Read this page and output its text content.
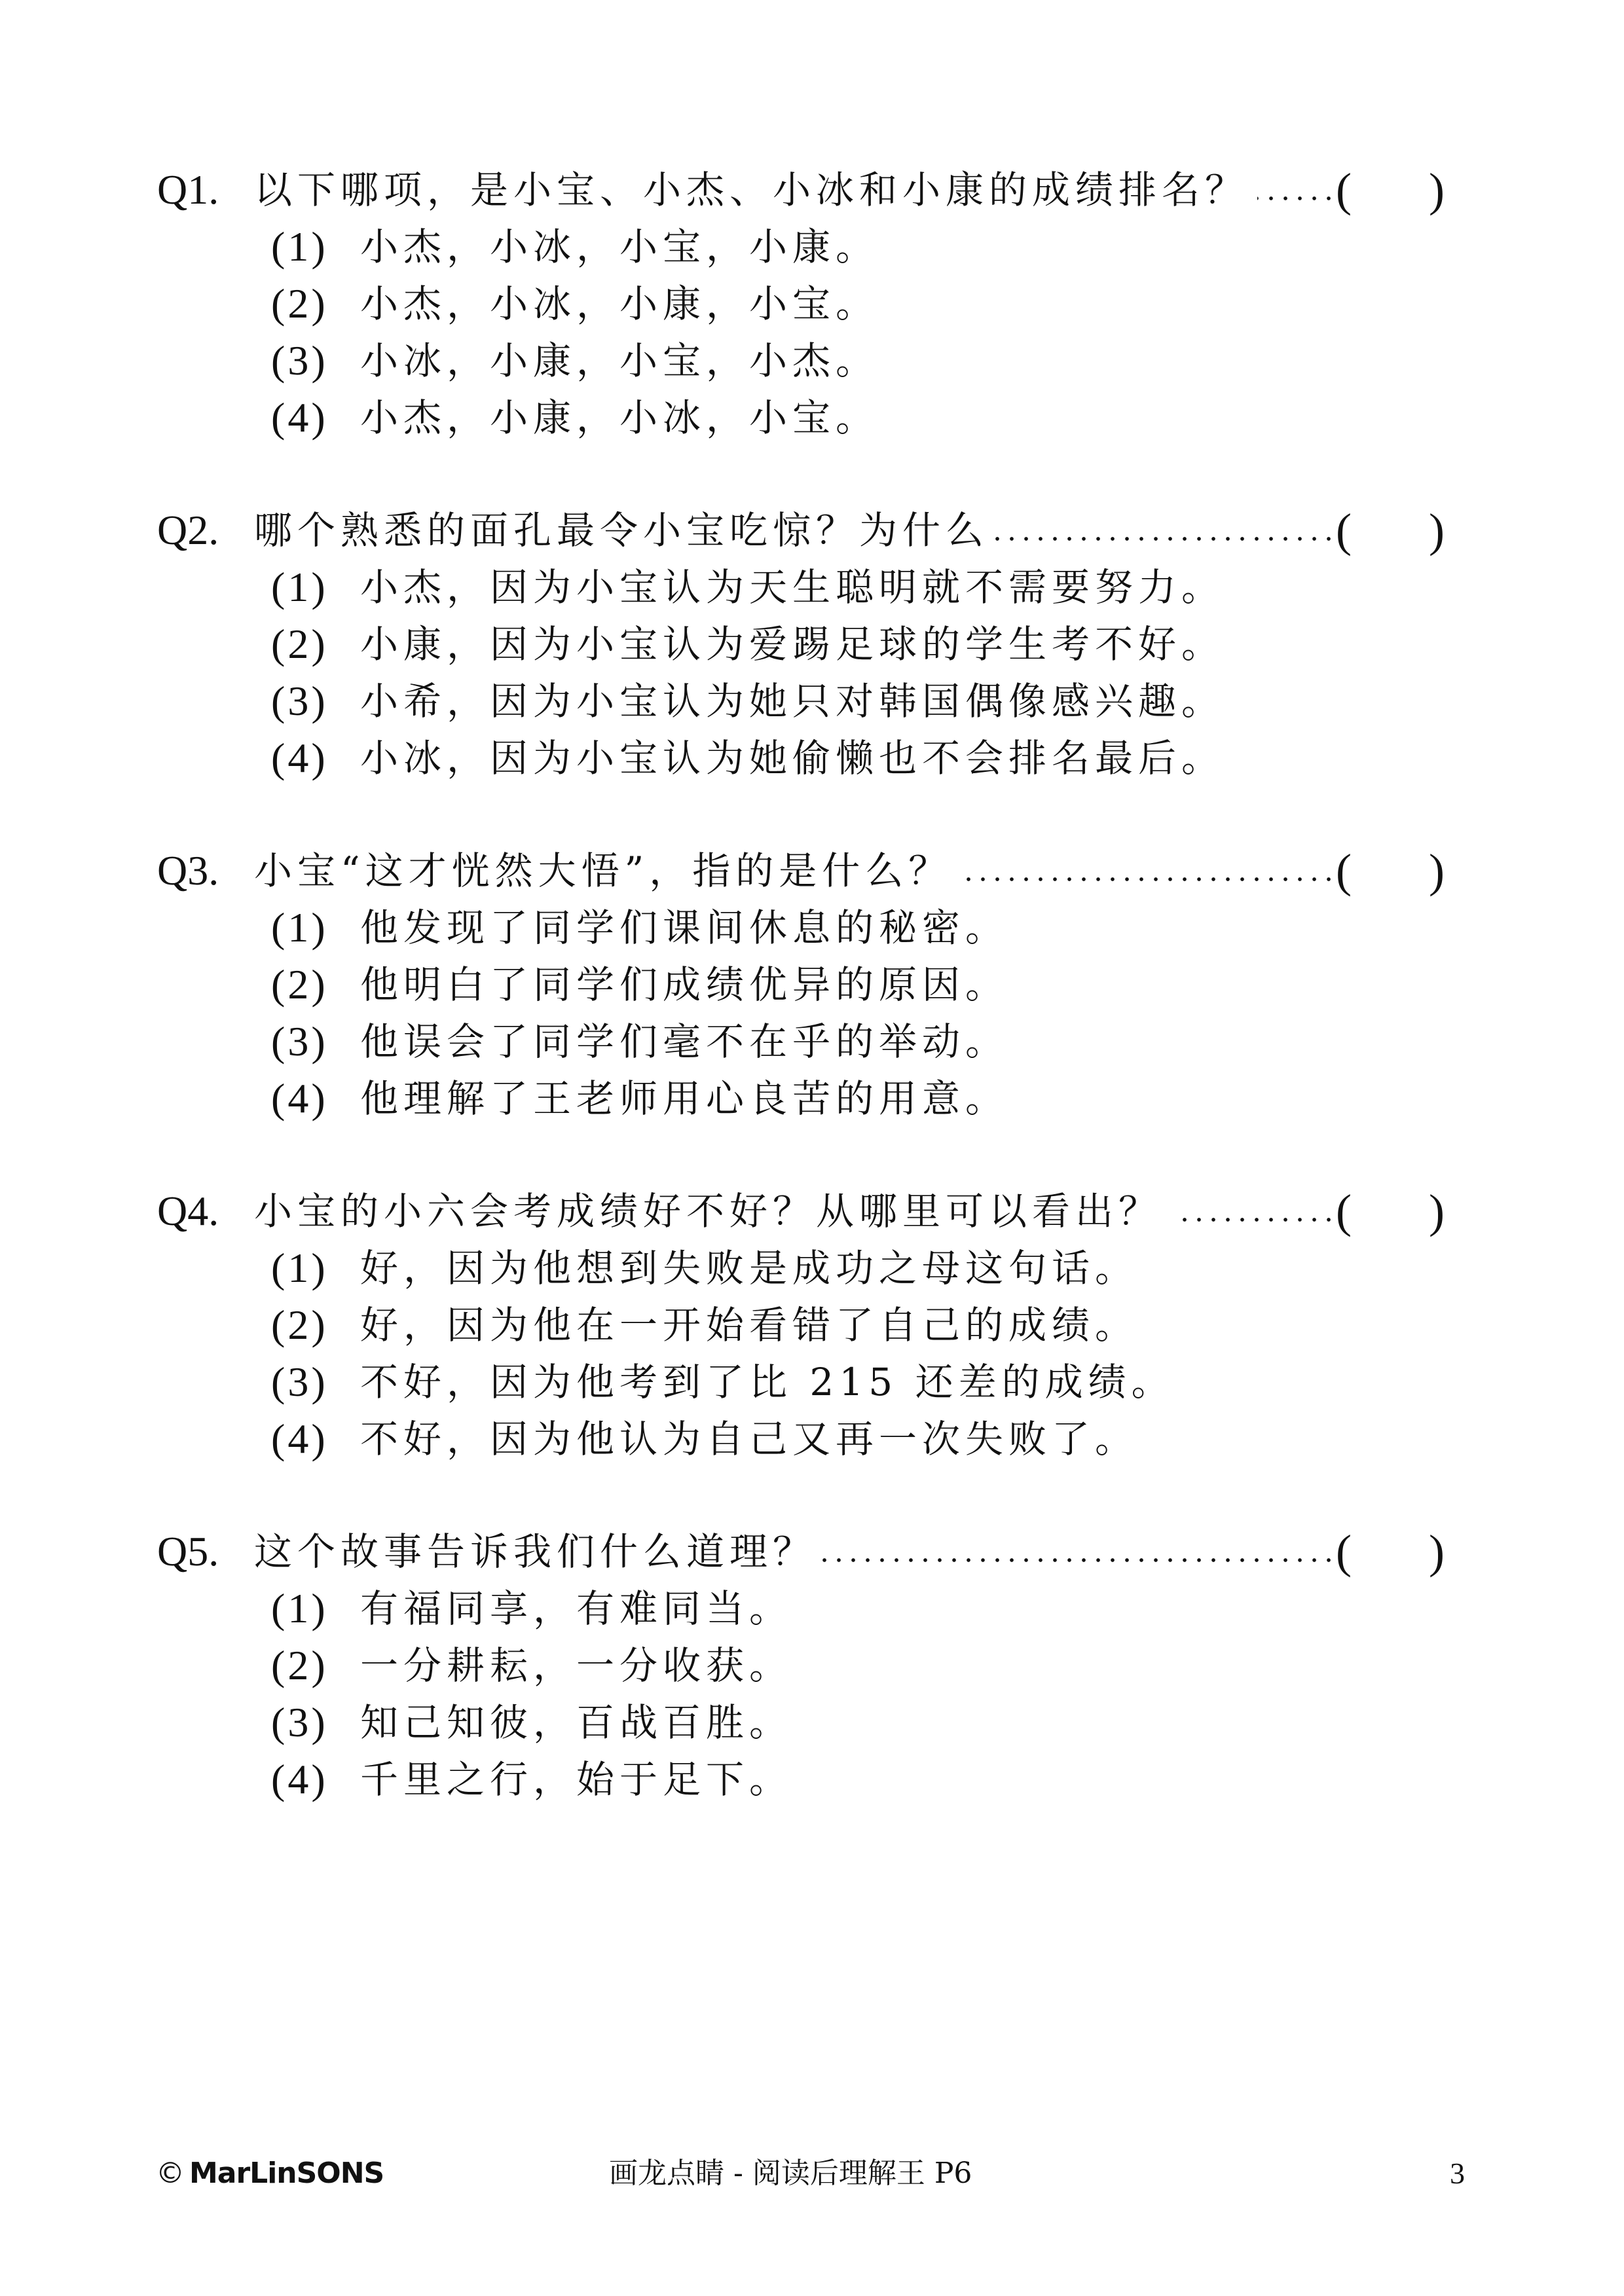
Q1. 以下哪项，是小宝、小杰、小冰和小康的成绩排名？ ( )
(1) 小杰，小冰，小宝，小康。
(2) 小杰，小冰，小康，小宝。
(3) 小冰，小康，小宝，小杰。
(4) 小杰，小康，小冰，小宝。
Q2. 哪个熟悉的面孔最令小宝吃惊？为什么	( )
(1) 小杰，因为小宝认为天生聪明就不需要努力。
(2) 小康，因为小宝认为爱踢足球的学生考不好。
(3) 小希，因为小宝认为她只对韩国偶像感兴趣。
(4) 小冰，因为小宝认为她偷懒也不会排名最后。
Q3. 小宝“这才恍然大悟”，指的是什么？	( )
(1) 他发现了同学们课间休息的秘密。
(2) 他明白了同学们成绩优异的原因。
(3) 他误会了同学们毫不在乎的举动。
(4) 他理解了王老师用心良苦的用意。
Q4. 小宝的小六会考成绩好不好？从哪里可以看出？	( )
(1) 好，因为他想到失败是成功之母这句话。
(2) 好，因为他在一开始看错了自己的成绩。
(3) 不好，因为他考到了比 215 还差的成绩。
(4) 不好，因为他认为自己又再一次失败了。
Q5. 这个故事告诉我们什么道理？	( )
(1) 有福同享，有难同当。
(2) 一分耕耘，一分收获。
(3) 知己知彼，百战百胜。
(4) 千里之行，始于足下。
© MarLinSONS	画龙点睛 - 阅读后理解王 P6	3
